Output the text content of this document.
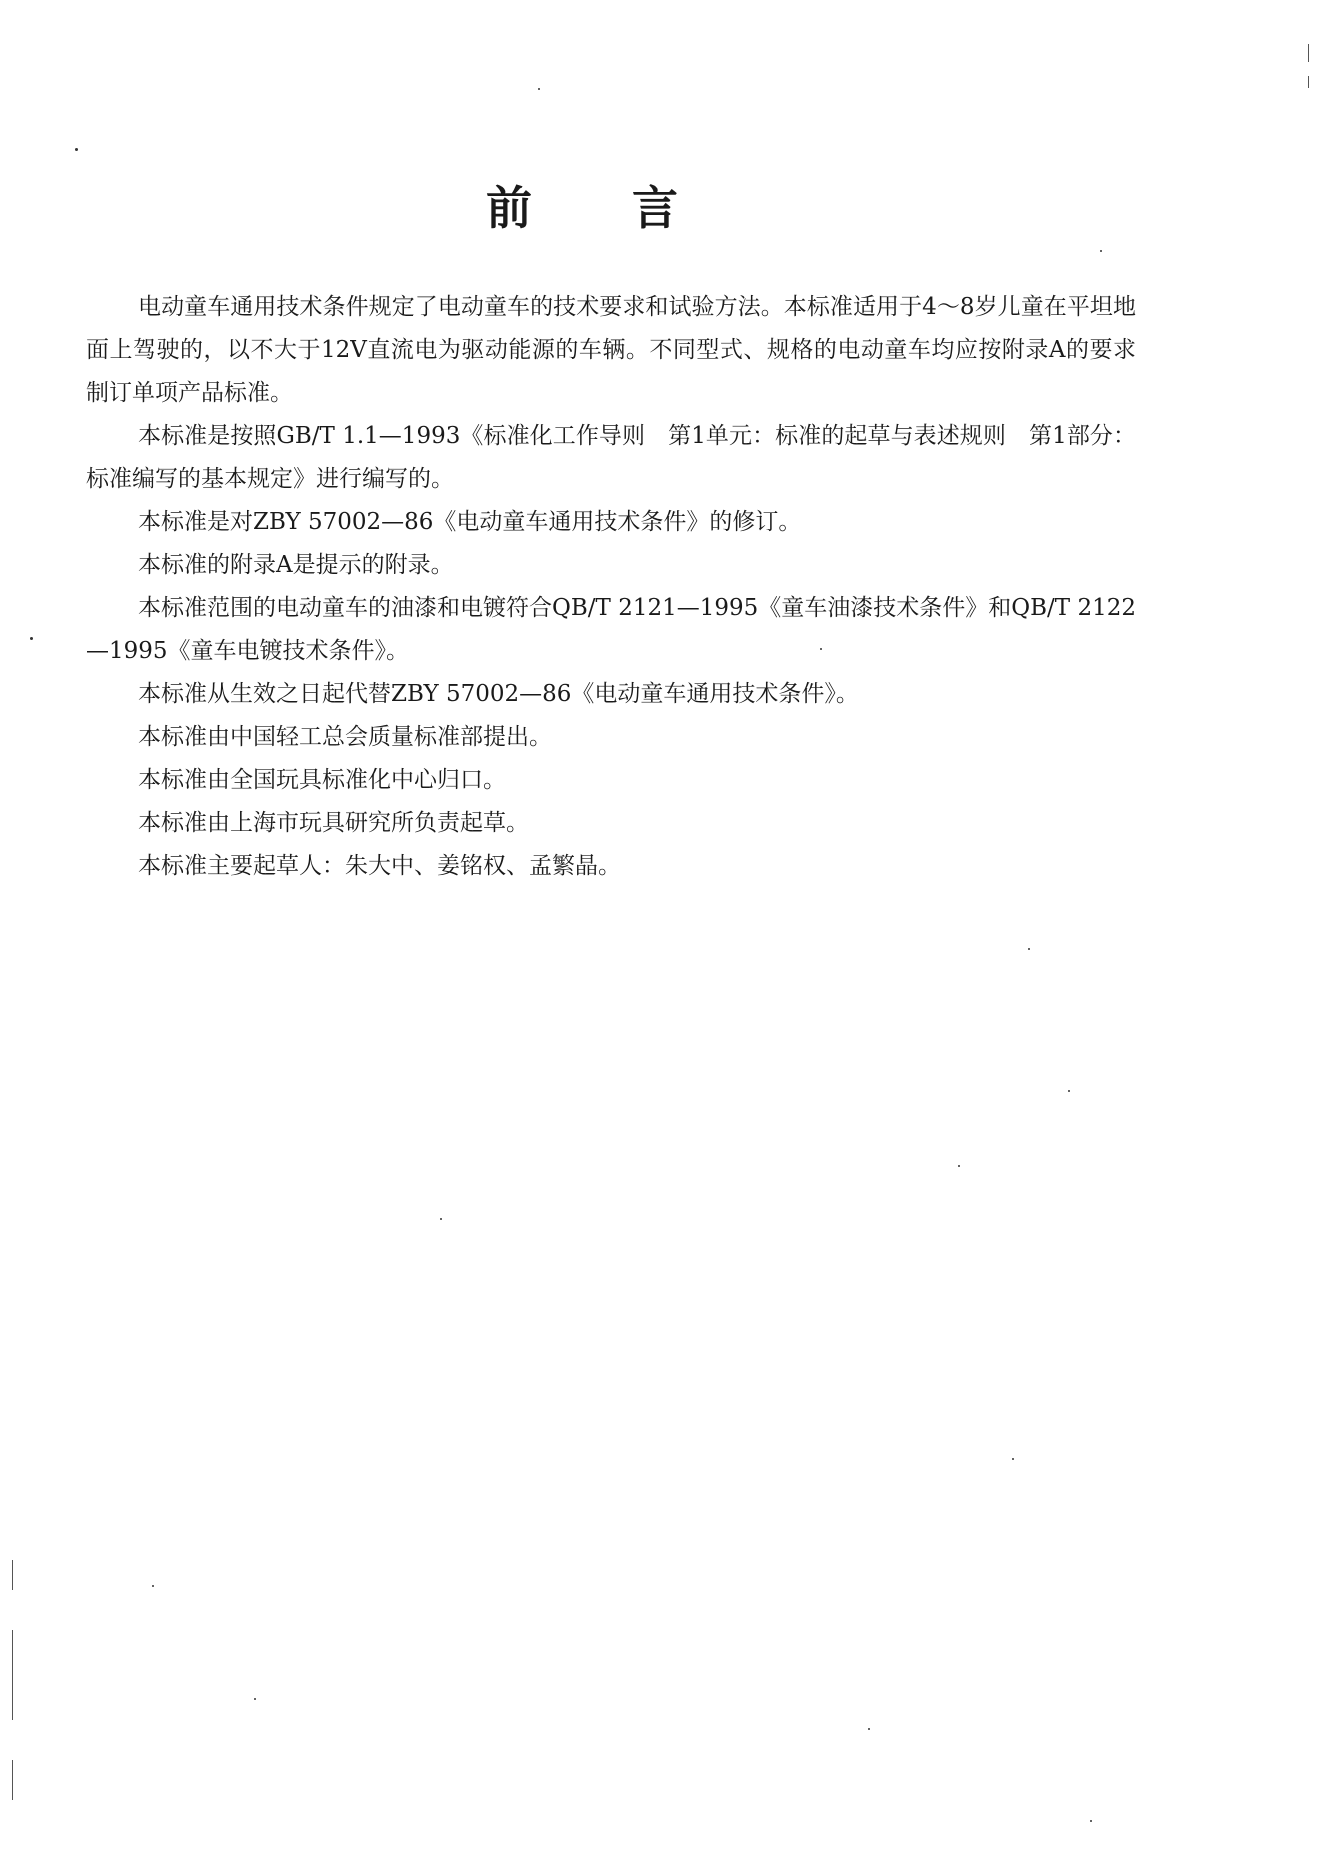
前 言

电动童车通用技术条件规定了电动童车的技术要求和试验方法。本标准适用于4～8岁儿童在平坦地面上驾驶的，以不大于12V直流电为驱动能源的车辆。不同型式、规格的电动童车均应按附录A的要求制订单项产品标准。

本标准是按照GB/T 1.1—1993《标准化工作导则　第1单元：标准的起草与表述规则　第1部分：标准编写的基本规定》进行编写的。

本标准是对ZBY 57002—86《电动童车通用技术条件》的修订。

本标准的附录A是提示的附录。

本标准范围的电动童车的油漆和电镀符合QB/T 2121—1995《童车油漆技术条件》和QB/T 2122—1995《童车电镀技术条件》。

本标准从生效之日起代替ZBY 57002—86《电动童车通用技术条件》。

本标准由中国轻工总会质量标准部提出。

本标准由全国玩具标准化中心归口。

本标准由上海市玩具研究所负责起草。

本标准主要起草人：朱大中、姜铭权、孟繁晶。
